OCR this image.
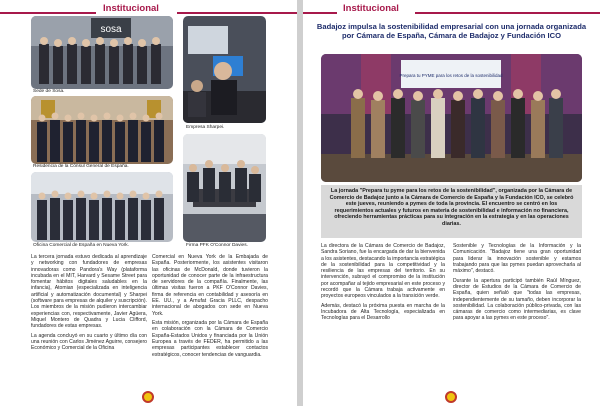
Institucional
sosa
Sede de Sosa.
Empresa Sharpei.
Residencia de la Cónsul General de España.
Firma PFK O'Connor Davies.
Oficina Comercial de España en Nueva York.

La tercera jornada estuvo dedicada al aprendizaje y networking con fundadores de empresas innovadoras como Pandora's Way (plataforma incubada en el MIT, Harvard y Sesame Street para fomentar hábitos digitales saludables en la infancia), Atomian (especializada en inteligencia artificial y automatización documental) y Sharpei (software para empresas de alquiler y suscripción). Los miembros de la misión pudieron intercambiar experiencias con, respectivamente, Javier Agüera, Miquel Montero de Quadra y Lucia Clifford, fundadores de estas empresas.

La agenda concluyó en su cuarto y último día con una reunión con Carlos Jiménez Aguirre, consejero Económico y Comercial de la Oficina

Comercial en Nueva York de la Embajada de España. Posteriormente, los asistentes visitaron las oficinas de McDonald, donde tuvieron la oportunidad de conocer parte de la infraestructura de servidores de la compañía. Finalmente, las últimas visitas fueron a PKF O'Connor Davies, firma de referencia en contabilidad y asesoría en EE. UU., y a Arnufat Gracia PLLC, despacho internacional de abogados con sede en Nueva York.

Esta misión, organizada por la Cámara de España en colaboración con la Cámara de Comercio España-Estados Unidos y financiada por la Unión Europea a través de FEDER, ha permitido a las empresas participantes establecer contactos estratégicos, conocer tendencias de vanguardia.

Institucional
Badajoz impulsa la sostenibilidad empresarial con una jornada organizada por Cámara de España, Cámara de Badajoz y Fundación ICO
Prepara tu PYME para los retos de la sostenibilidad
La jornada "Prepara tu pyme para los retos de la sostenibilidad", organizada por la Cámara de Comercio de Badajoz junto a la Cámara de Comercio de España y la Fundación ICO, se celebró este jueves, reuniendo a pymes de toda la provincia. El encuentro se centró en los requerimientos actuales y futuros en materia de sostenibilidad e información no financiera, ofreciendo herramientas prácticas para su integración en la estrategia y en las operaciones diarias.

La directora de la Cámara de Comercio de Badajoz, Sandra Soriano, fue la encargada de dar la bienvenida a los asistentes, destacando la importancia estratégica de la sostenibilidad para la competitividad y la resiliencia de las empresas del territorio. En su intervención, subrayó el compromiso de la institución por acompañar al tejido empresarial en este proceso y recordó que la Cámara trabaja activamente en proyectos europeos vinculados a la transición verde.

Además, destacó la próxima puesta en marcha de la Incubadora de Alta Tecnología, especializada en Tecnologías para el Desarrollo

Sostenible y Tecnologías de la Información y la Comunicación. "Badajoz tiene una gran oportunidad para liderar la innovación sostenible y estamos trabajando para que las pymes puedan aprovecharla al máximo", destacó.

Durante la apertura participó también Raúl Mínguez, director de Estudios de la Cámara de Comercio de España, quien señaló que "todas las empresas, independientemente de su tamaño, deben incorporar la sostenibilidad. La colaboración público-privada, con las cámaras de comercio como intermediarias, es clave para apoyar a las pymes en este proceso".
